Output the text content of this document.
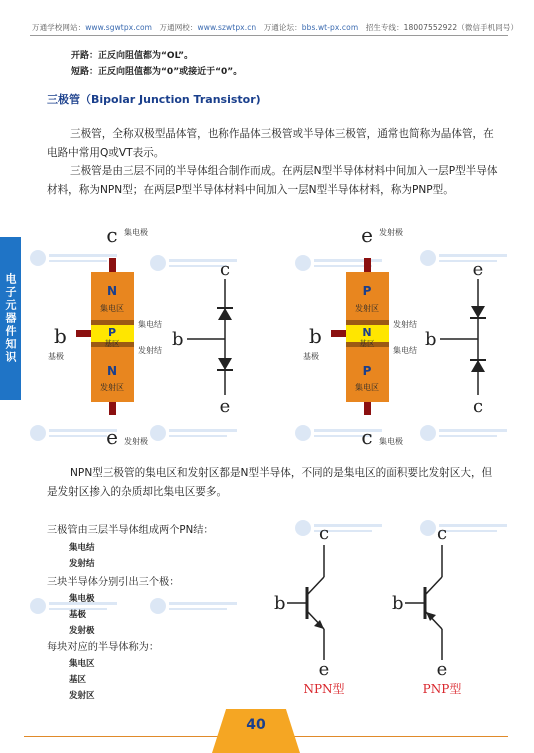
万通学校网站：www.sgwtpx.com 万通网校：www.szwtpx.cn 万通论坛：bbs.wt-px.com 招生专线：18007552922（微信手机同号）
开路：正反向阻值都为“OL”。
短路：正反向阻值都为“0”或接近于“0”。
三极管（Bipolar Junction Transistor)

三极管，全称双极型晶体管，也称作晶体三极管或半导体三极管，通常也简称为晶体管，在电路中常用Q或VT表示。

三极管是由三层不同的半导体组合制作而成。在两层N型半导体材料中间加入一层P型半导体材料，称为NPN型；在两层P型半导体材料中间加入一层N型半导体材料，称为PNP型。

电子元器件知识	N
集电区
P
基区
N
发射区
c 集电极
b
基极
e 发射极
集电结
发射结
c
b
e
P
发射区
N
基区
P
集电区
e 发射极
b
基极
c 集电极
发射结
集电结
e
b
c

NPN型三极管的集电区和发射区都是N型半导体，不同的是集电区的面积要比发射区大，但是发射区掺入的杂质却比集电区要多。

三极管由三层半导体组成两个PN结：
集电结
发射结
三块半导体分别引出三个极：
集电极
基极
发射极
每块对应的半导体称为：
集电区
基区
发射区
c
b
e
NPN型
c
b
e
PNP型
40
